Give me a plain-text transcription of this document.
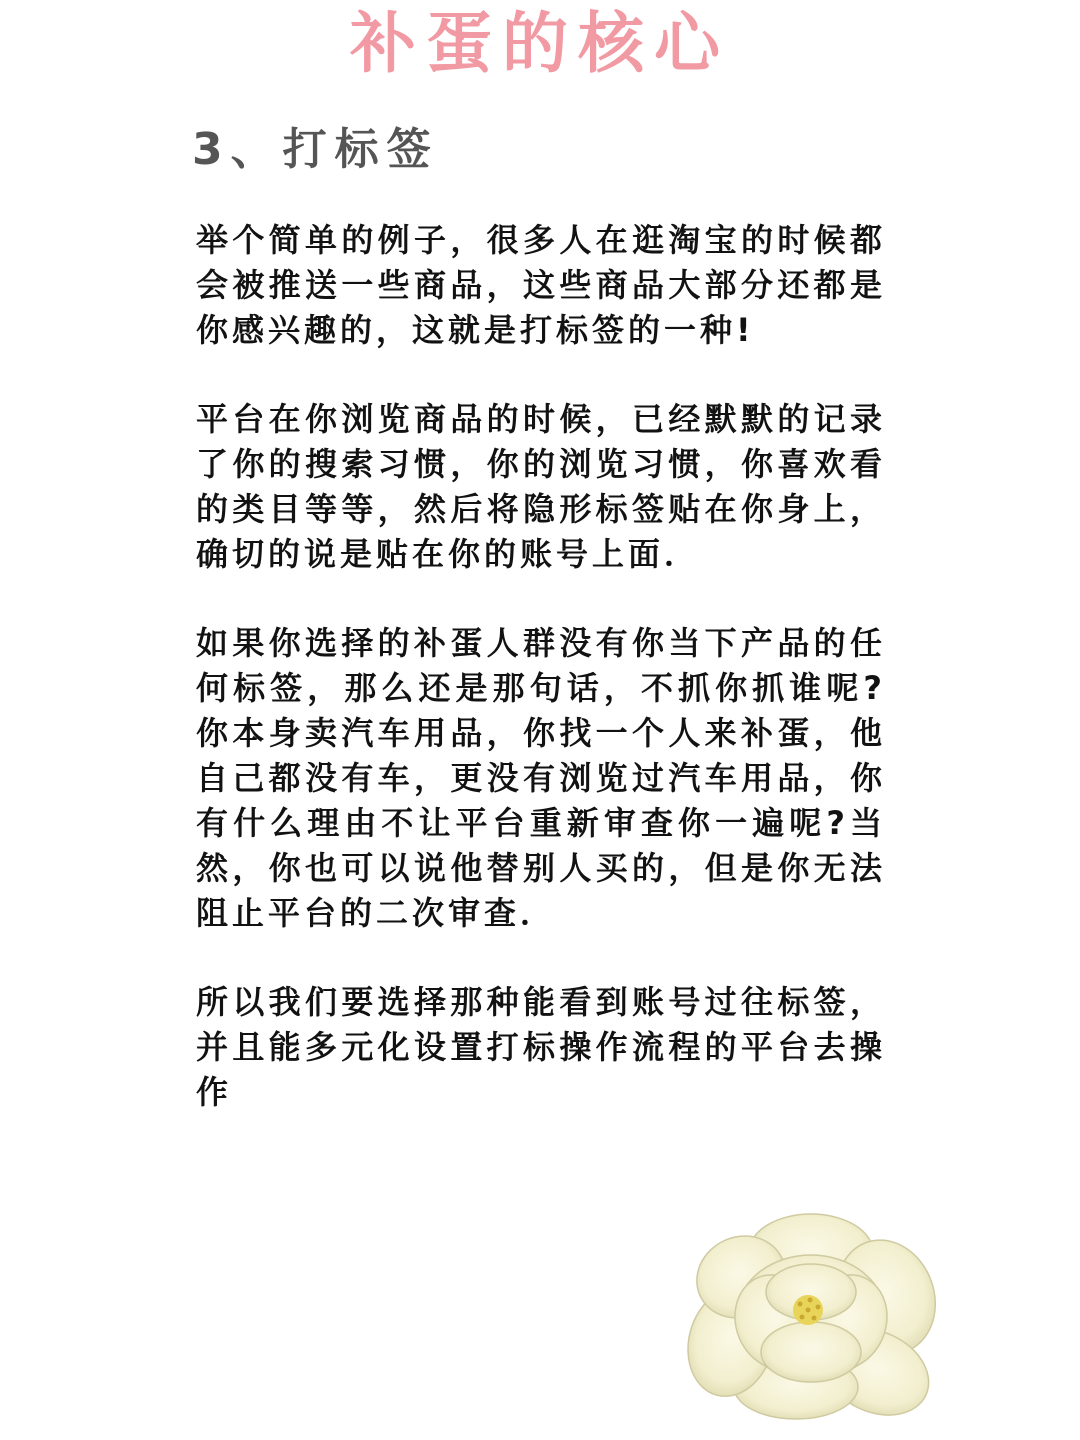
补蛋的核心
3、打标签

举个简单的例子，很多人在逛淘宝的时候都会被推送一些商品，这些商品大部分还都是你感兴趣的，这就是打标签的一种!

平台在你浏览商品的时候，已经默默的记录了你的搜索习惯，你的浏览习惯，你喜欢看的类目等等，然后将隐形标签贴在你身上，确切的说是贴在你的账号上面．

如果你选择的补蛋人群没有你当下产品的任何标签，那么还是那句话，不抓你抓谁呢?你本身卖汽车用品，你找一个人来补蛋，他自己都没有车，更没有浏览过汽车用品，你有什么理由不让平台重新审查你一遍呢?当然，你也可以说他替别人买的，但是你无法阻止平台的二次审查．

所以我们要选择那种能看到账号过往标签，并且能多元化设置打标操作流程的平台去操作
